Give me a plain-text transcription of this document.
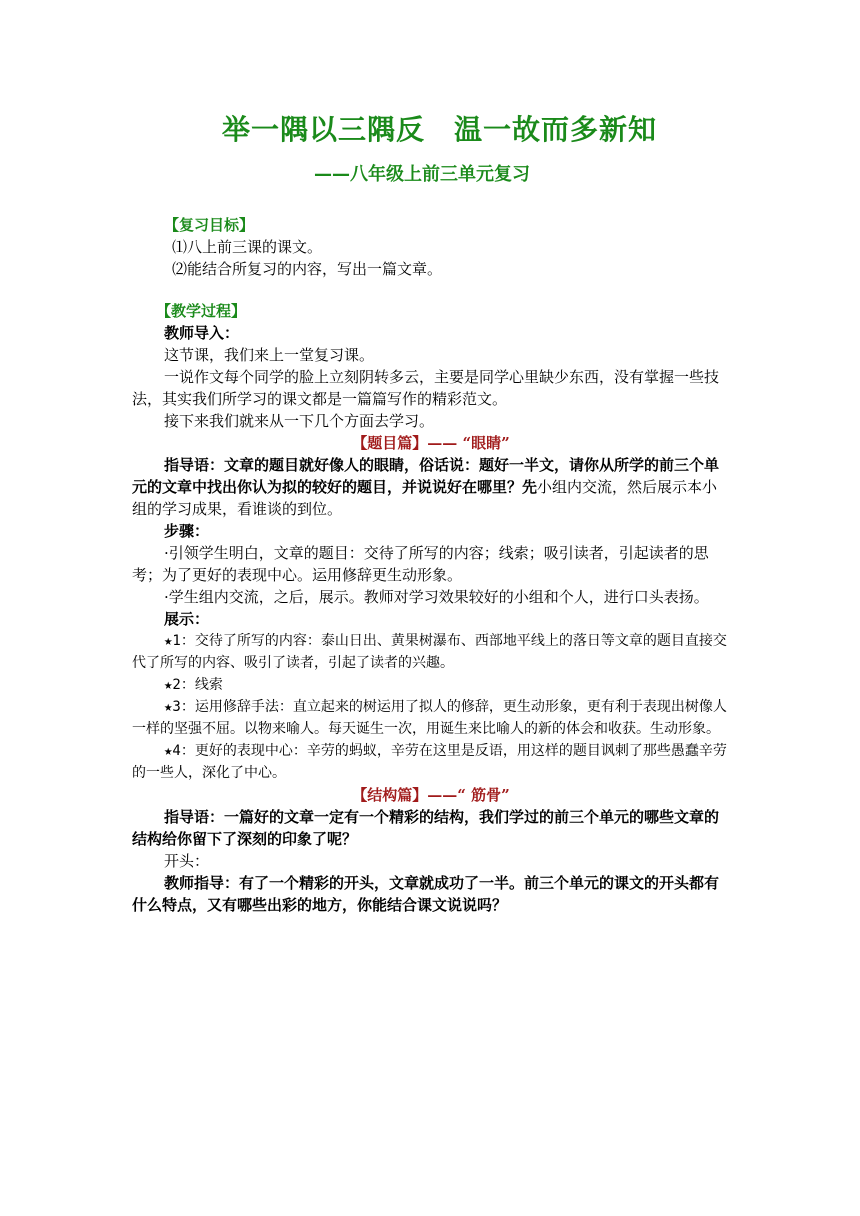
举一隅以三隅反　温一故而多新知
——八年级上前三单元复习

【复习目标】

⑴八上前三课的课文。

⑵能结合所复习的内容，写出一篇文章。

【教学过程】

教师导入：

这节课，我们来上一堂复习课。

一说作文每个同学的脸上立刻阴转多云，主要是同学心里缺少东西，没有掌握一些技法，其实我们所学习的课文都是一篇篇写作的精彩范文。

接下来我们就来从一下几个方面去学习。

【题目篇】—— “眼睛”

指导语：文章的题目就好像人的眼睛，俗话说：题好一半文，请你从所学的前三个单元的文章中找出你认为拟的较好的题目，并说说好在哪里？先小组内交流，然后展示本小组的学习成果，看谁谈的到位。

步骤：

·引领学生明白，文章的题目：交待了所写的内容；线索；吸引读者，引起读者的思考；为了更好的表现中心。运用修辞更生动形象。

·学生组内交流，之后，展示。教师对学习效果较好的小组和个人，进行口头表扬。

展示：

★1：交待了所写的内容：泰山日出、黄果树瀑布、西部地平线上的落日等文章的题目直接交代了所写的内容、吸引了读者，引起了读者的兴趣。

★2：线索

★3：运用修辞手法：直立起来的树运用了拟人的修辞，更生动形象，更有利于表现出树像人一样的坚强不屈。以物来喻人。每天诞生一次，用诞生来比喻人的新的体会和收获。生动形象。

★4：更好的表现中心：辛劳的蚂蚁，辛劳在这里是反语，用这样的题目讽刺了那些愚蠢辛劳的一些人，深化了中心。

【结构篇】——“ 筋骨”

指导语：一篇好的文章一定有一个精彩的结构，我们学过的前三个单元的哪些文章的结构给你留下了深刻的印象了呢？

开头：

教师指导：有了一个精彩的开头，文章就成功了一半。前三个单元的课文的开头都有什么特点，又有哪些出彩的地方，你能结合课文说说吗？
